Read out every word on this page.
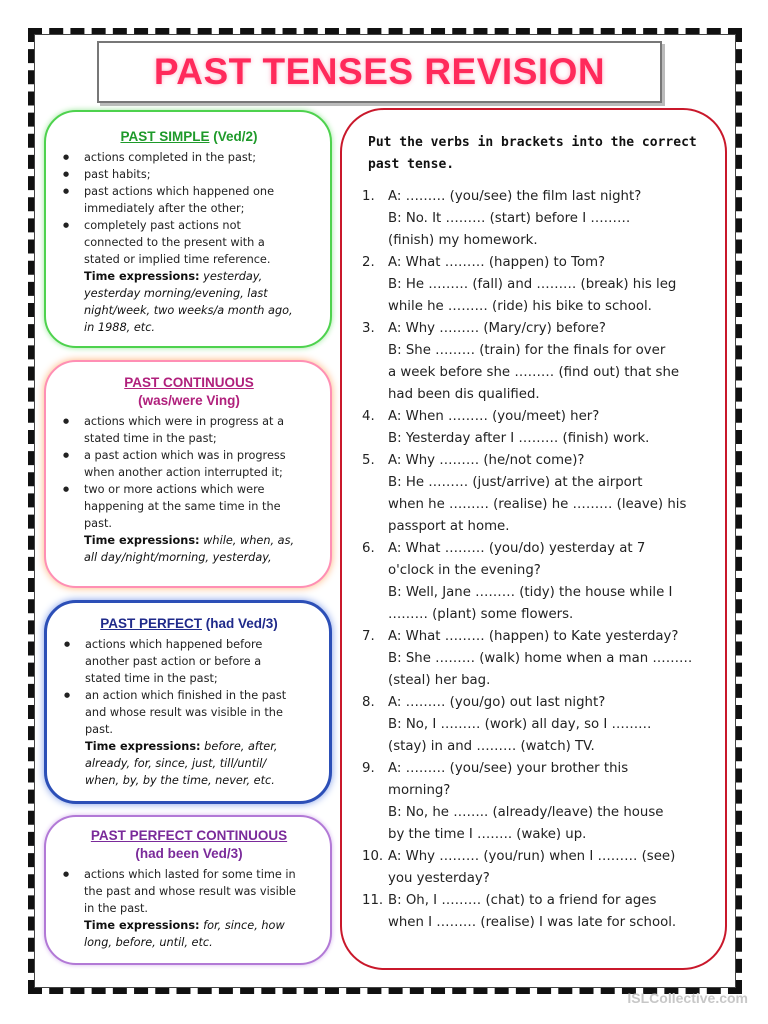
PAST TENSES REVISION
PAST SIMPLE (Ved/2)
● actions completed in the past;
● past habits;
● past actions which happened one
immediately after the other;
● completely past actions not
connected to the present with a
stated or implied time reference.
Time expressions: yesterday,
yesterday morning/evening, last
night/week, two weeks/a month ago,
in 1988, etc.
PAST CONTINUOUS
(was/were Ving)
● actions which were in progress at a
stated time in the past;
● a past action which was in progress
when another action interrupted it;
● two or more actions which were
happening at the same time in the
past.
Time expressions: while, when, as,
all day/night/morning, yesterday,
PAST PERFECT (had Ved/3)
● actions which happened before
another past action or before a
stated time in the past;
● an action which finished in the past
and whose result was visible in the
past.
Time expressions: before, after,
already, for, since, just, till/until/
when, by, by the time, never, etc.
PAST PERFECT CONTINUOUS
(had been Ved/3)
● actions which lasted for some time in
the past and whose result was visible
in the past.
Time expressions: for, since, how
long, before, until, etc.
Put the verbs in brackets into the correct
past tense.
1.	A: ……… (you/see) the film last night?
B: No. It ……… (start) before I ………
(finish) my homework.
2.	A: What ……… (happen) to Tom?
B: He ……… (fall) and ……… (break) his leg
while he ……… (ride) his bike to school.
3.	A: Why ……… (Mary/cry) before?
B: She ……… (train) for the finals for over
a week before she ……… (find out) that she
had been dis qualified.
4.	A: When ……… (you/meet) her?
B: Yesterday after I ……… (finish) work.
5.	A: Why ……… (he/not come)?
B: He ……… (just/arrive) at the airport
when he ……… (realise) he ……… (leave) his
passport at home.
6.	A: What ……… (you/do) yesterday at 7
o'clock in the evening?
B: Well, Jane ……… (tidy) the house while I
……… (plant) some flowers.
7.	A: What ……… (happen) to Kate yesterday?
B: She ……… (walk) home when a man ………
(steal) her bag.
8.	A: ……… (you/go) out last night?
B: No, I ……… (work) all day, so I ………
(stay) in and ……… (watch) TV.
9.	A: ……… (you/see) your brother this
morning?
B: No, he …….. (already/leave) the house
by the time I …….. (wake) up.
10. A: Why ……… (you/run) when I ……… (see)
you yesterday?
11. B: Oh, I ……… (chat) to a friend for ages
when I ……… (realise) I was late for school.
ISLCollective.com
